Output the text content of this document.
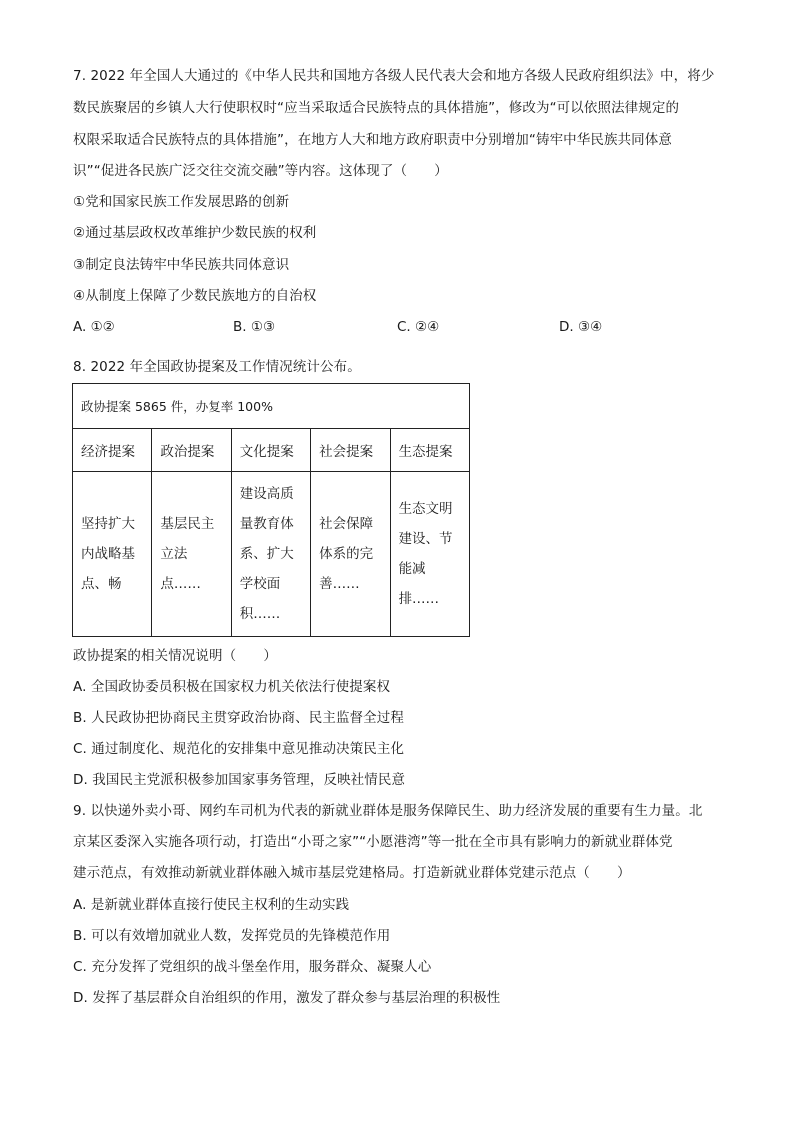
7. 2022 年全国人大通过的《中华人民共和国地方各级人民代表大会和地方各级人民政府组织法》中，将少
数民族聚居的乡镇人大行使职权时“应当采取适合民族特点的具体措施”，修改为“可以依照法律规定的
权限采取适合民族特点的具体措施”，在地方人大和地方政府职责中分别增加“铸牢中华民族共同体意
识”“促进各民族广泛交往交流交融”等内容。这体现了（　　）
①党和国家民族工作发展思路的创新
②通过基层政权改革维护少数民族的权利
③制定良法铸牢中华民族共同体意识
④从制度上保障了少数民族地方的自治权
A. ①②	B. ①③	C. ②④	D. ③④
8. 2022 年全国政协提案及工作情况统计公布。
政协提案 5865 件，办复率 100%				
经济提案	政治提案	文化提案	社会提案	生态提案

坚持扩大
内战略基
点、畅	基层民主
立法
点……	建设高质
量教育体
系、扩大
学校面
积……	社会保障
体系的完
善……	生态文明
建设、节
能减
排……
政协提案的相关情况说明（　　）
A. 全国政协委员积极在国家权力机关依法行使提案权
B. 人民政协把协商民主贯穿政治协商、民主监督全过程
C. 通过制度化、规范化的安排集中意见推动决策民主化
D. 我国民主党派积极参加国家事务管理，反映社情民意
9. 以快递外卖小哥、网约车司机为代表的新就业群体是服务保障民生、助力经济发展的重要有生力量。北
京某区委深入实施各项行动，打造出“小哥之家”“小愿港湾”等一批在全市具有影响力的新就业群体党
建示范点，有效推动新就业群体融入城市基层党建格局。打造新就业群体党建示范点（　　）
A. 是新就业群体直接行使民主权利的生动实践
B. 可以有效增加就业人数，发挥党员的先锋模范作用
C. 充分发挥了党组织的战斗堡垒作用，服务群众、凝聚人心
D. 发挥了基层群众自治组织的作用，激发了群众参与基层治理的积极性
